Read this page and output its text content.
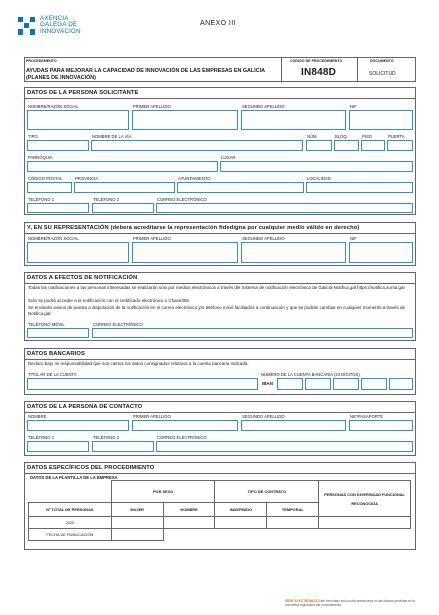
AXENCIA
GALEGA DE
INNOVACIÓN
ANEXO III
PROCEDEMENTO
AYUDAS PARA MEJORAR LA CAPACIDAD DE INNOVACIÓN DE LAS EMPRESAS EN GALICIA (PLANES DE INNOVACIÓN)
CÓDIGO DE PROCEDEMENTO
IN848D
DOCUMENTO
SOLICITUD
DATOS DE LA PERSONA SOLICITANTE
NOMBRE/RAZÓN SOCIAL	PRIMER APELLIDO	SEGUNDO APELLIDO	NIF
TIPO	NOMBRE DE LA VÍA	NÚM.	BLOQ.	PISO	PUERTA
PARROQUIA	LUGAR
CÓDIGO POSTAL	PROVINCIA	AYUNTAMIENTO	LOCALIDAD
TELÉFONO 1	TELÉFONO 2	CORREO ELECTRÓNICO
Y, EN SU REPRESENTACIÓN (deberá acreditarse la representación fidedigna por cualquier medio válido en derecho)
NOMBRE/RAZÓN SOCIAL	PRIMER APELLIDO	SEGUNDO APELLIDO	NIF
DATOS A EFECTOS DE NOTIFICACIÓN
Todas las notificaciones a las personas interesadas se realizarán solo por medios electrónicos a través del Sistema de notificación electrónica de Galicia-Notifica.gal https://notifica.xunta.gal
Solo se podrá acceder a la notificación con el certificado electrónico o Chave365.
Se enviarán avisos de puesta a disposición de la notificación en el correo electrónico y/o teléfono móvil facilitados a continuación y que se podrán cambiar en cualquier momento a través de Notifica.gal:
TELÉFONO MÓVIL	CORREO ELECTRÓNICO
DATOS BANCARIOS
Declaro bajo mi responsabilidad que son ciertos los datos consignados relativos a la cuenta bancaria indicada.
TITULAR DE LA CUENTA	NÚMERO DE LA CUENTA BANCARIA (24 DÍGITOS)
IBAN
DATOS DE LA PERSONA DE CONTACTO
NOMBRE	PRIMER APELLIDO	SEGUNDO APELLIDO	NIF/PASAPORTE
TELÉFONO 1	TELÉFONO 2	CORREO ELECTRÓNICO
DATOS ESPECÍFICOS DEL PROCEDIMIENTO
DATOS DE LA PLANTILLA DE LA EMPRESA
	POR SEXO		TIPO DE CONTRATO		PERSONAS CON DIVERSIDAD FUNCIONAL RECONOCIDA
Nº TOTAL DE PERSONAS	MUJER	HOMBRE	INDEFINIDO	TEMPORAL	
2022					
FECHA DE PUBLICACIÓN					
SEDE ELECTRÓNICA Este formulario solo podrá presentarse en las formas previstas en la normativa reguladora del procedimiento
